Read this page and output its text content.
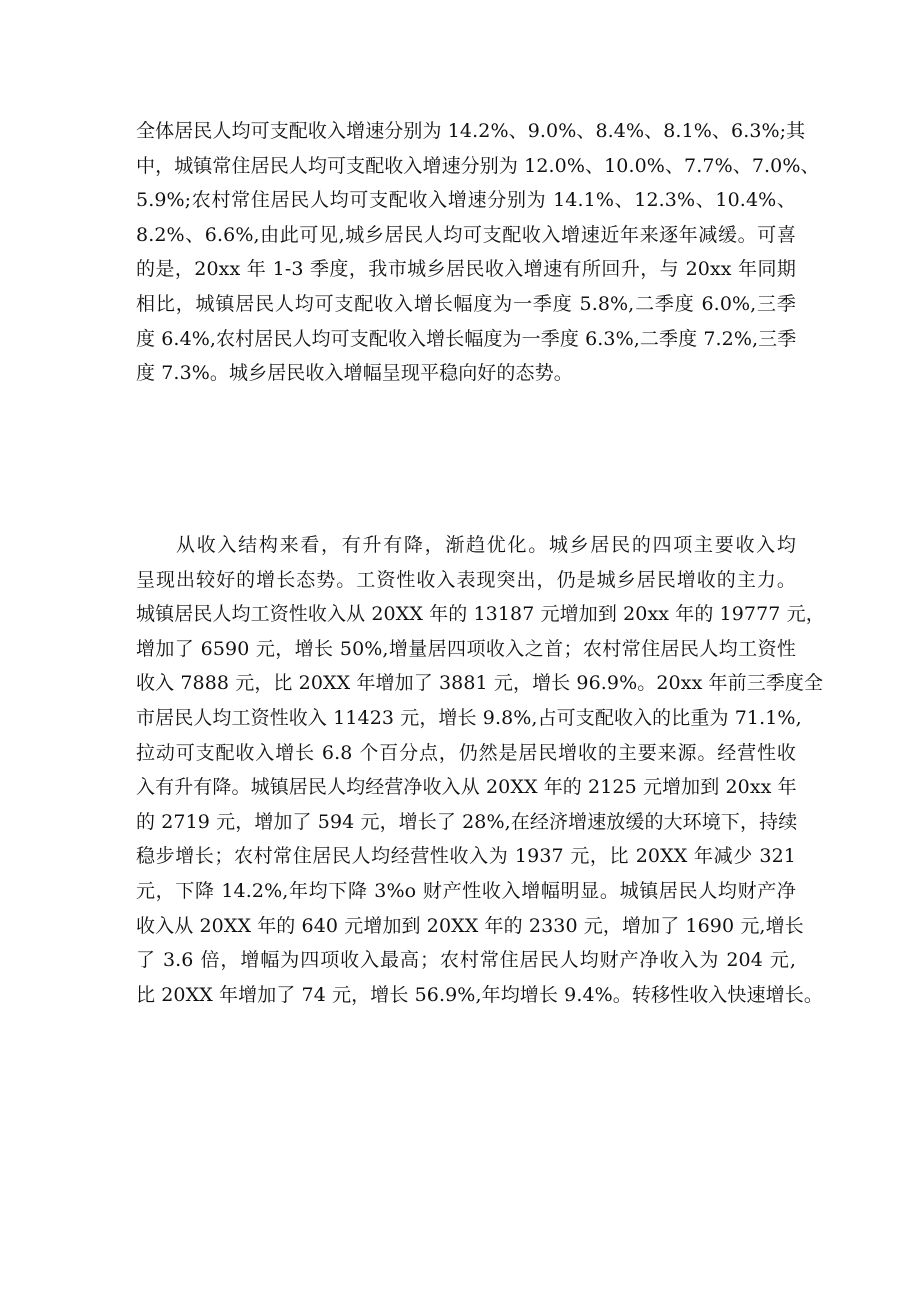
全体居民人均可支配收入增速分别为 14.2%、9.0%、8.4%、8.1%、6.3%;其
中，城镇常住居民人均可支配收入增速分别为 12.0%、10.0%、7.7%、7.0%、
5.9%;农村常住居民人均可支配收入增速分别为 14.1%、12.3%、10.4%、
8.2%、6.6%,由此可见,城乡居民人均可支配收入增速近年来逐年减缓。可喜
的是，20xx 年 1-3 季度，我市城乡居民收入增速有所回升，与 20xx 年同期
相比，城镇居民人均可支配收入增长幅度为一季度 5.8%,二季度 6.0%,三季
度 6.4%,农村居民人均可支配收入增长幅度为一季度 6.3%,二季度 7.2%,三季
度 7.3%。城乡居民收入增幅呈现平稳向好的态势。
从收入结构来看，有升有降，渐趋优化。城乡居民的四项主要收入均
呈现出较好的增长态势。工资性收入表现突出，仍是城乡居民增收的主力。
城镇居民人均工资性收入从 20XX 年的 13187 元增加到 20xx 年的 19777 元，
增加了 6590 元，增长 50%,增量居四项收入之首；农村常住居民人均工资性
收入 7888 元，比 20XX 年增加了 3881 元，增长 96.9%。20xx 年前三季度全
市居民人均工资性收入 11423 元，增长 9.8%,占可支配收入的比重为 71.1%,
拉动可支配收入增长 6.8 个百分点，仍然是居民增收的主要来源。经营性收
入有升有降。城镇居民人均经营净收入从 20XX 年的 2125 元增加到 20xx 年
的 2719 元，增加了 594 元，增长了 28%,在经济增速放缓的大环境下，持续
稳步增长；农村常住居民人均经营性收入为 1937 元，比 20XX 年减少 321
元，下降 14.2%,年均下降 3%o 财产性收入增幅明显。城镇居民人均财产净
收入从 20XX 年的 640 元增加到 20XX 年的 2330 元，增加了 1690 元,增长
了 3.6 倍，增幅为四项收入最高；农村常住居民人均财产净收入为 204 元,
比 20XX 年增加了 74 元，增长 56.9%,年均增长 9.4%。转移性收入快速增长。
